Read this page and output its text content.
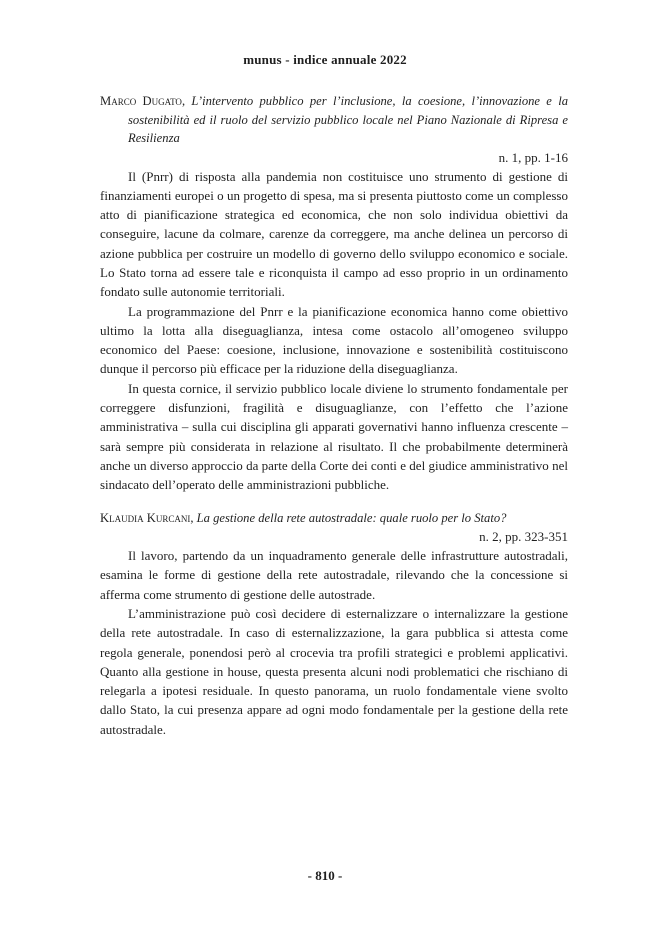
munus - indice annuale 2022
Marco Dugato, L’intervento pubblico per l’inclusione, la coesione, l’innovazione e la sostenibilità ed il ruolo del servizio pubblico locale nel Piano Nazionale di Ripresa e Resilienza
n. 1, pp. 1-16

Il (Pnrr) di risposta alla pandemia non costituisce uno strumento di gestione di finanziamenti europei o un progetto di spesa, ma si presenta piuttosto come un complesso atto di pianificazione strategica ed economica, che non solo individua obiettivi da conseguire, lacune da colmare, carenze da correggere, ma anche delinea un percorso di azione pubblica per costruire un modello di governo dello sviluppo economico e sociale. Lo Stato torna ad essere tale e riconquista il campo ad esso proprio in un ordinamento fondato sulle autonomie territoriali.

La programmazione del Pnrr e la pianificazione economica hanno come obiettivo ultimo la lotta alla diseguaglianza, intesa come ostacolo all’omogeneo sviluppo economico del Paese: coesione, inclusione, innovazione e sostenibilità costituiscono dunque il percorso più efficace per la riduzione della diseguaglianza.

In questa cornice, il servizio pubblico locale diviene lo strumento fondamentale per correggere disfunzioni, fragilità e disuguaglianze, con l’effetto che l’azione amministrativa – sulla cui disciplina gli apparati governativi hanno influenza crescente – sarà sempre più considerata in relazione al risultato. Il che probabilmente determinerà anche un diverso approccio da parte della Corte dei conti e del giudice amministrativo nel sindacato dell’operato delle amministrazioni pubbliche.

Klaudia Kurcani, La gestione della rete autostradale: quale ruolo per lo Stato?
n. 2, pp. 323-351

Il lavoro, partendo da un inquadramento generale delle infrastrutture autostradali, esamina le forme di gestione della rete autostradale, rilevando che la concessione si afferma come strumento di gestione delle autostrade.

L’amministrazione può così decidere di esternalizzare o internalizzare la gestione della rete autostradale. In caso di esternalizzazione, la gara pubblica si attesta come regola generale, ponendosi però al crocevia tra profili strategici e problemi applicativi. Quanto alla gestione in house, questa presenta alcuni nodi problematici che rischiano di relegarla a ipotesi residuale. In questo panorama, un ruolo fondamentale viene svolto dallo Stato, la cui presenza appare ad ogni modo fondamentale per la gestione della rete autostradale.

- 810 -
